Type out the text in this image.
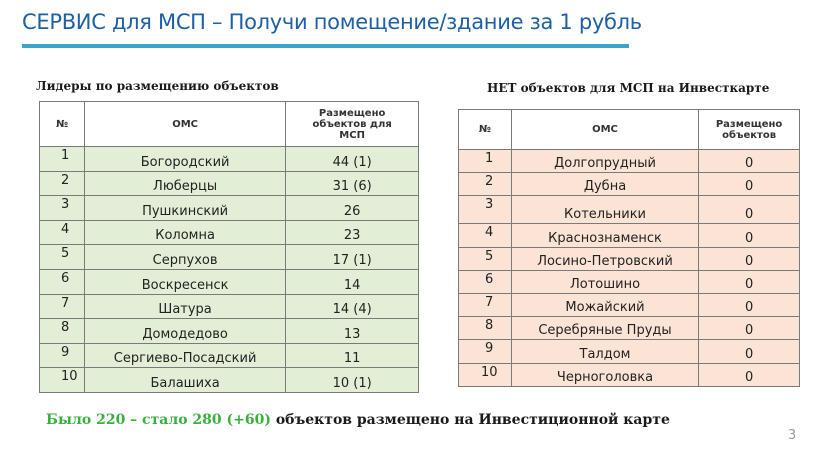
СЕРВИС для МСП – Получи помещение/здание за 1 рубль
Лидеры по размещению объектов	НЕТ объектов для МСП на Инвесткарте
№	ОМС	Размещено объектов для МСП
1	Богородский	44 (1)
2	Люберцы	31 (6)
3	Пушкинский	26
4	Коломна	23
5	Серпухов	17 (1)
6	Воскресенск	14
7	Шатура	14 (4)
8	Домодедово	13
9	Сергиево-Посадский	11
10	Балашиха	10 (1)
№	ОМС	Размещено объектов
1	Долгопрудный	0
2	Дубна	0
3	Котельники	0
4	Краснознаменск	0
5	Лосино-Петровский	0
6	Лотошино	0
7	Можайский	0
8	Серебряные Пруды	0
9	Талдом	0
10	Черноголовка	0
Было 220 – стало 280 (+60) объектов размещено на Инвестиционной карте
3
